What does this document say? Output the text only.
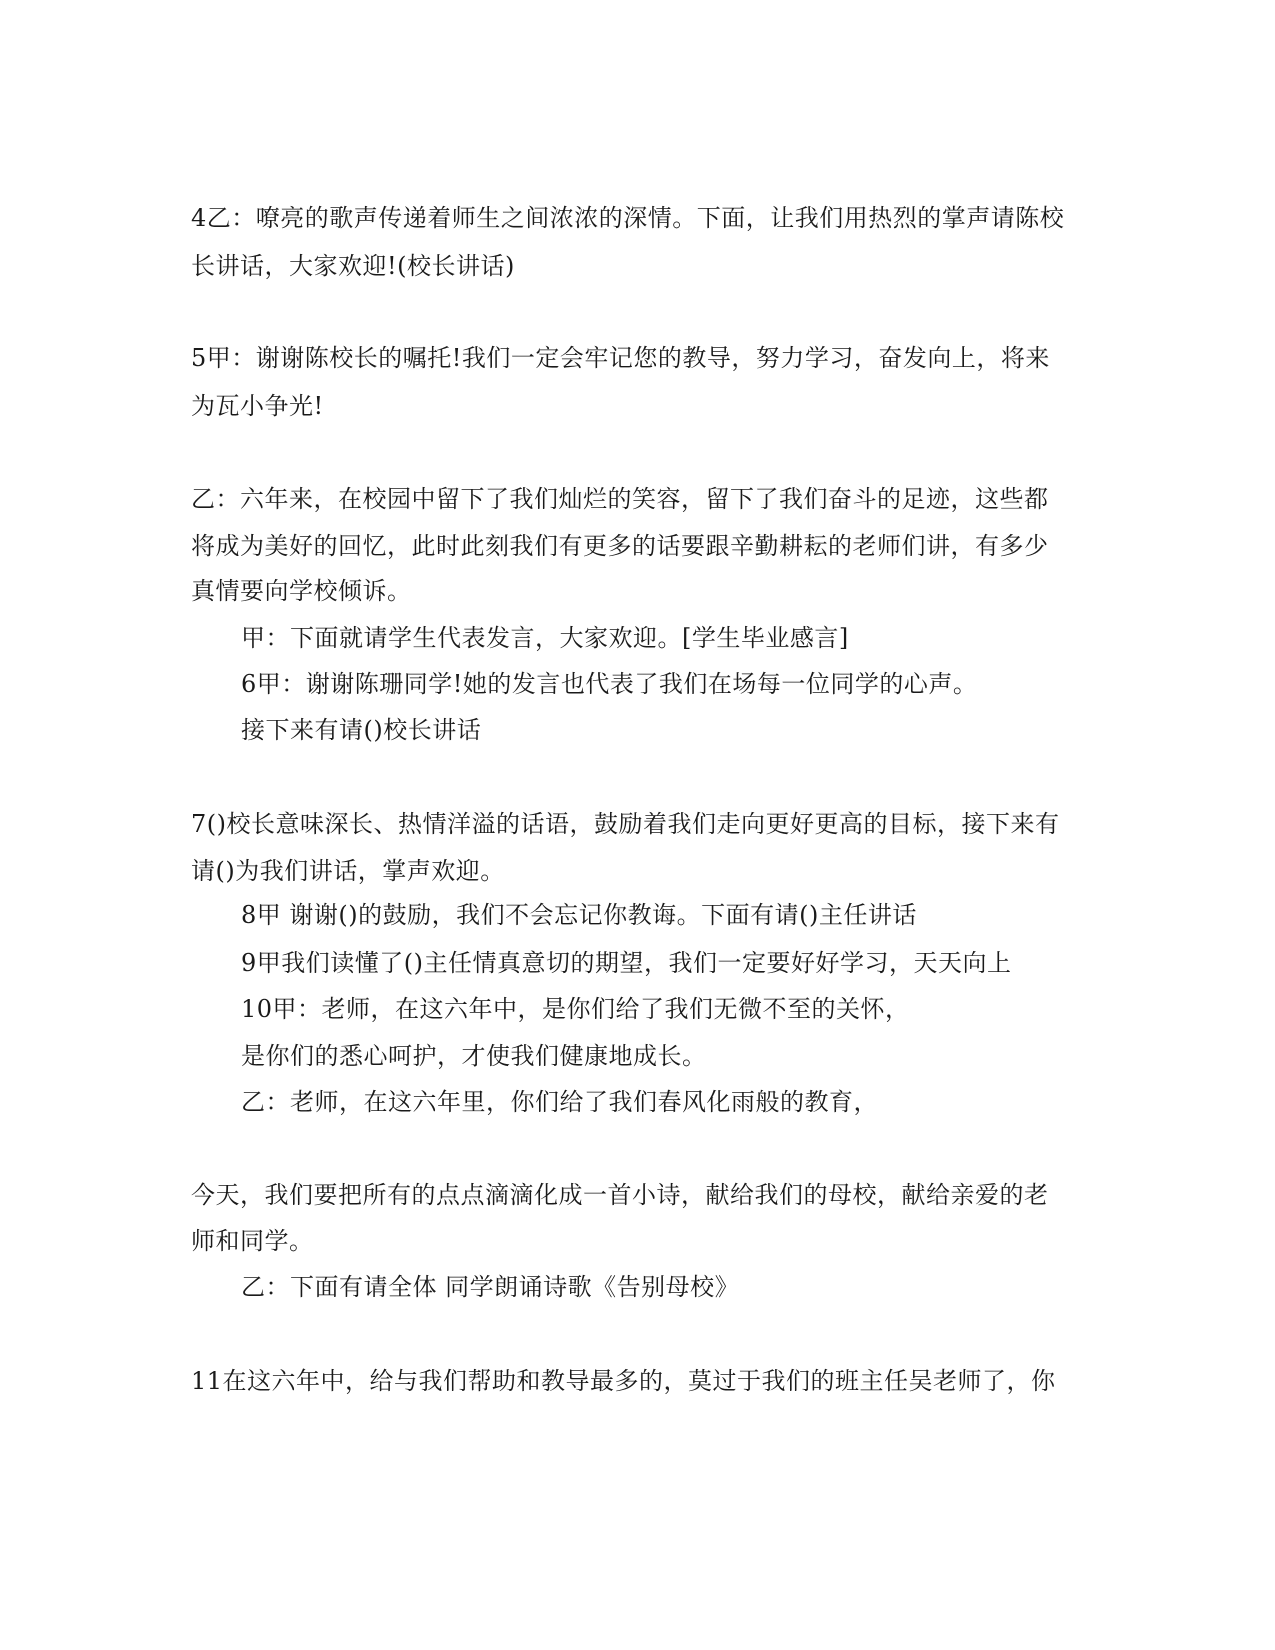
4乙：嘹亮的歌声传递着师生之间浓浓的深情。下面，让我们用热烈的掌声请陈校
长讲话，大家欢迎!(校长讲话)
5甲：谢谢陈校长的嘱托!我们一定会牢记您的教导，努力学习，奋发向上，将来
为瓦小争光!
乙：六年来，在校园中留下了我们灿烂的笑容，留下了我们奋斗的足迹，这些都
将成为美好的回忆，此时此刻我们有更多的话要跟辛勤耕耘的老师们讲，有多少
真情要向学校倾诉。
甲：下面就请学生代表发言，大家欢迎。[学生毕业感言]
6甲：谢谢陈珊同学!她的发言也代表了我们在场每一位同学的心声。
接下来有请()校长讲话
7()校长意味深长、热情洋溢的话语，鼓励着我们走向更好更高的目标，接下来有
请()为我们讲话，掌声欢迎。
8甲 谢谢()的鼓励，我们不会忘记你教诲。下面有请()主任讲话
9甲我们读懂了()主任情真意切的期望，我们一定要好好学习，天天向上
10甲：老师，在这六年中，是你们给了我们无微不至的关怀，
是你们的悉心呵护，才使我们健康地成长。
乙：老师，在这六年里，你们给了我们春风化雨般的教育，
今天，我们要把所有的点点滴滴化成一首小诗，献给我们的母校，献给亲爱的老
师和同学。
乙：下面有请全体 同学朗诵诗歌《告别母校》
11在这六年中，给与我们帮助和教导最多的，莫过于我们的班主任吴老师了，你
